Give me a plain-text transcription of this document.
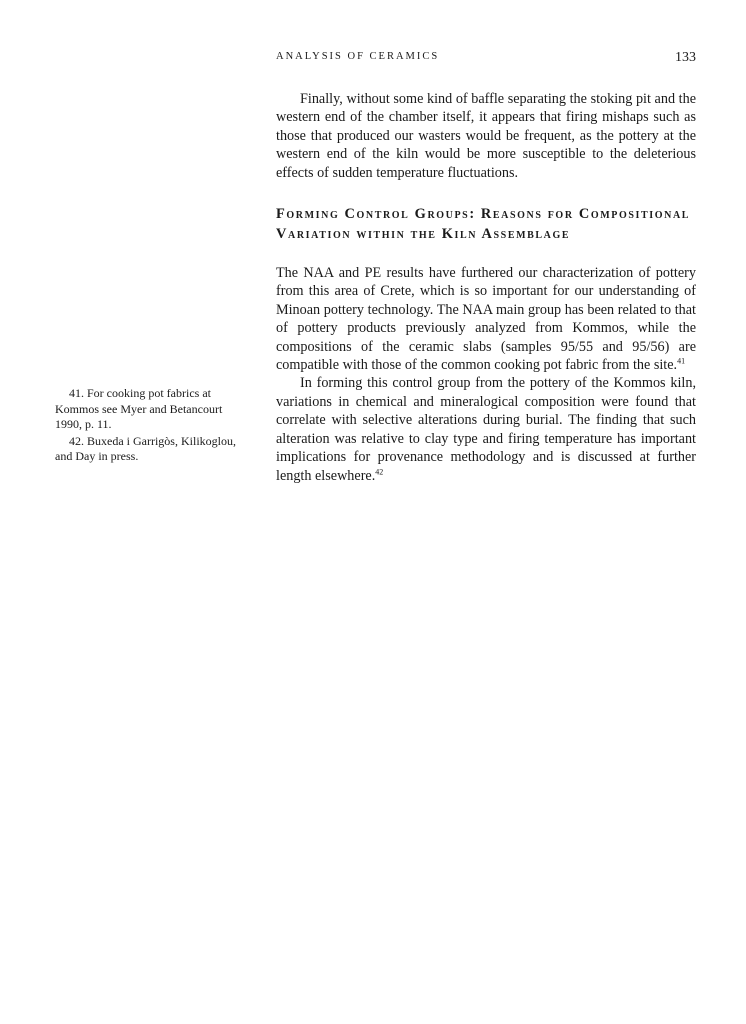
ANALYSIS OF CERAMICS	133

Finally, without some kind of baffle separating the stoking pit and the western end of the chamber itself, it appears that firing mishaps such as those that produced our wasters would be frequent, as the pottery at the western end of the kiln would be more susceptible to the deleterious effects of sudden temperature fluctuations.

Forming Control Groups: Reasons for Compositional Variation within the Kiln Assemblage

The NAA and PE results have furthered our characterization of pottery from this area of Crete, which is so important for our understanding of Minoan pottery technology. The NAA main group has been related to that of pottery products previously analyzed from Kommos, while the compositions of the ceramic slabs (samples 95/55 and 95/56) are compatible with those of the common cooking pot fabric from the site.$^{41}$

In forming this control group from the pottery of the Kommos kiln, variations in chemical and mineralogical composition were found that correlate with selective alterations during burial. The finding that such alteration was relative to clay type and firing temperature has important implications for provenance methodology and is discussed at further length elsewhere.$^{42}$

41. For cooking pot fabrics at Kommos see Myer and Betancourt 1990, p. 11.

42. Buxeda i Garrigòs, Kilikoglou, and Day in press.
